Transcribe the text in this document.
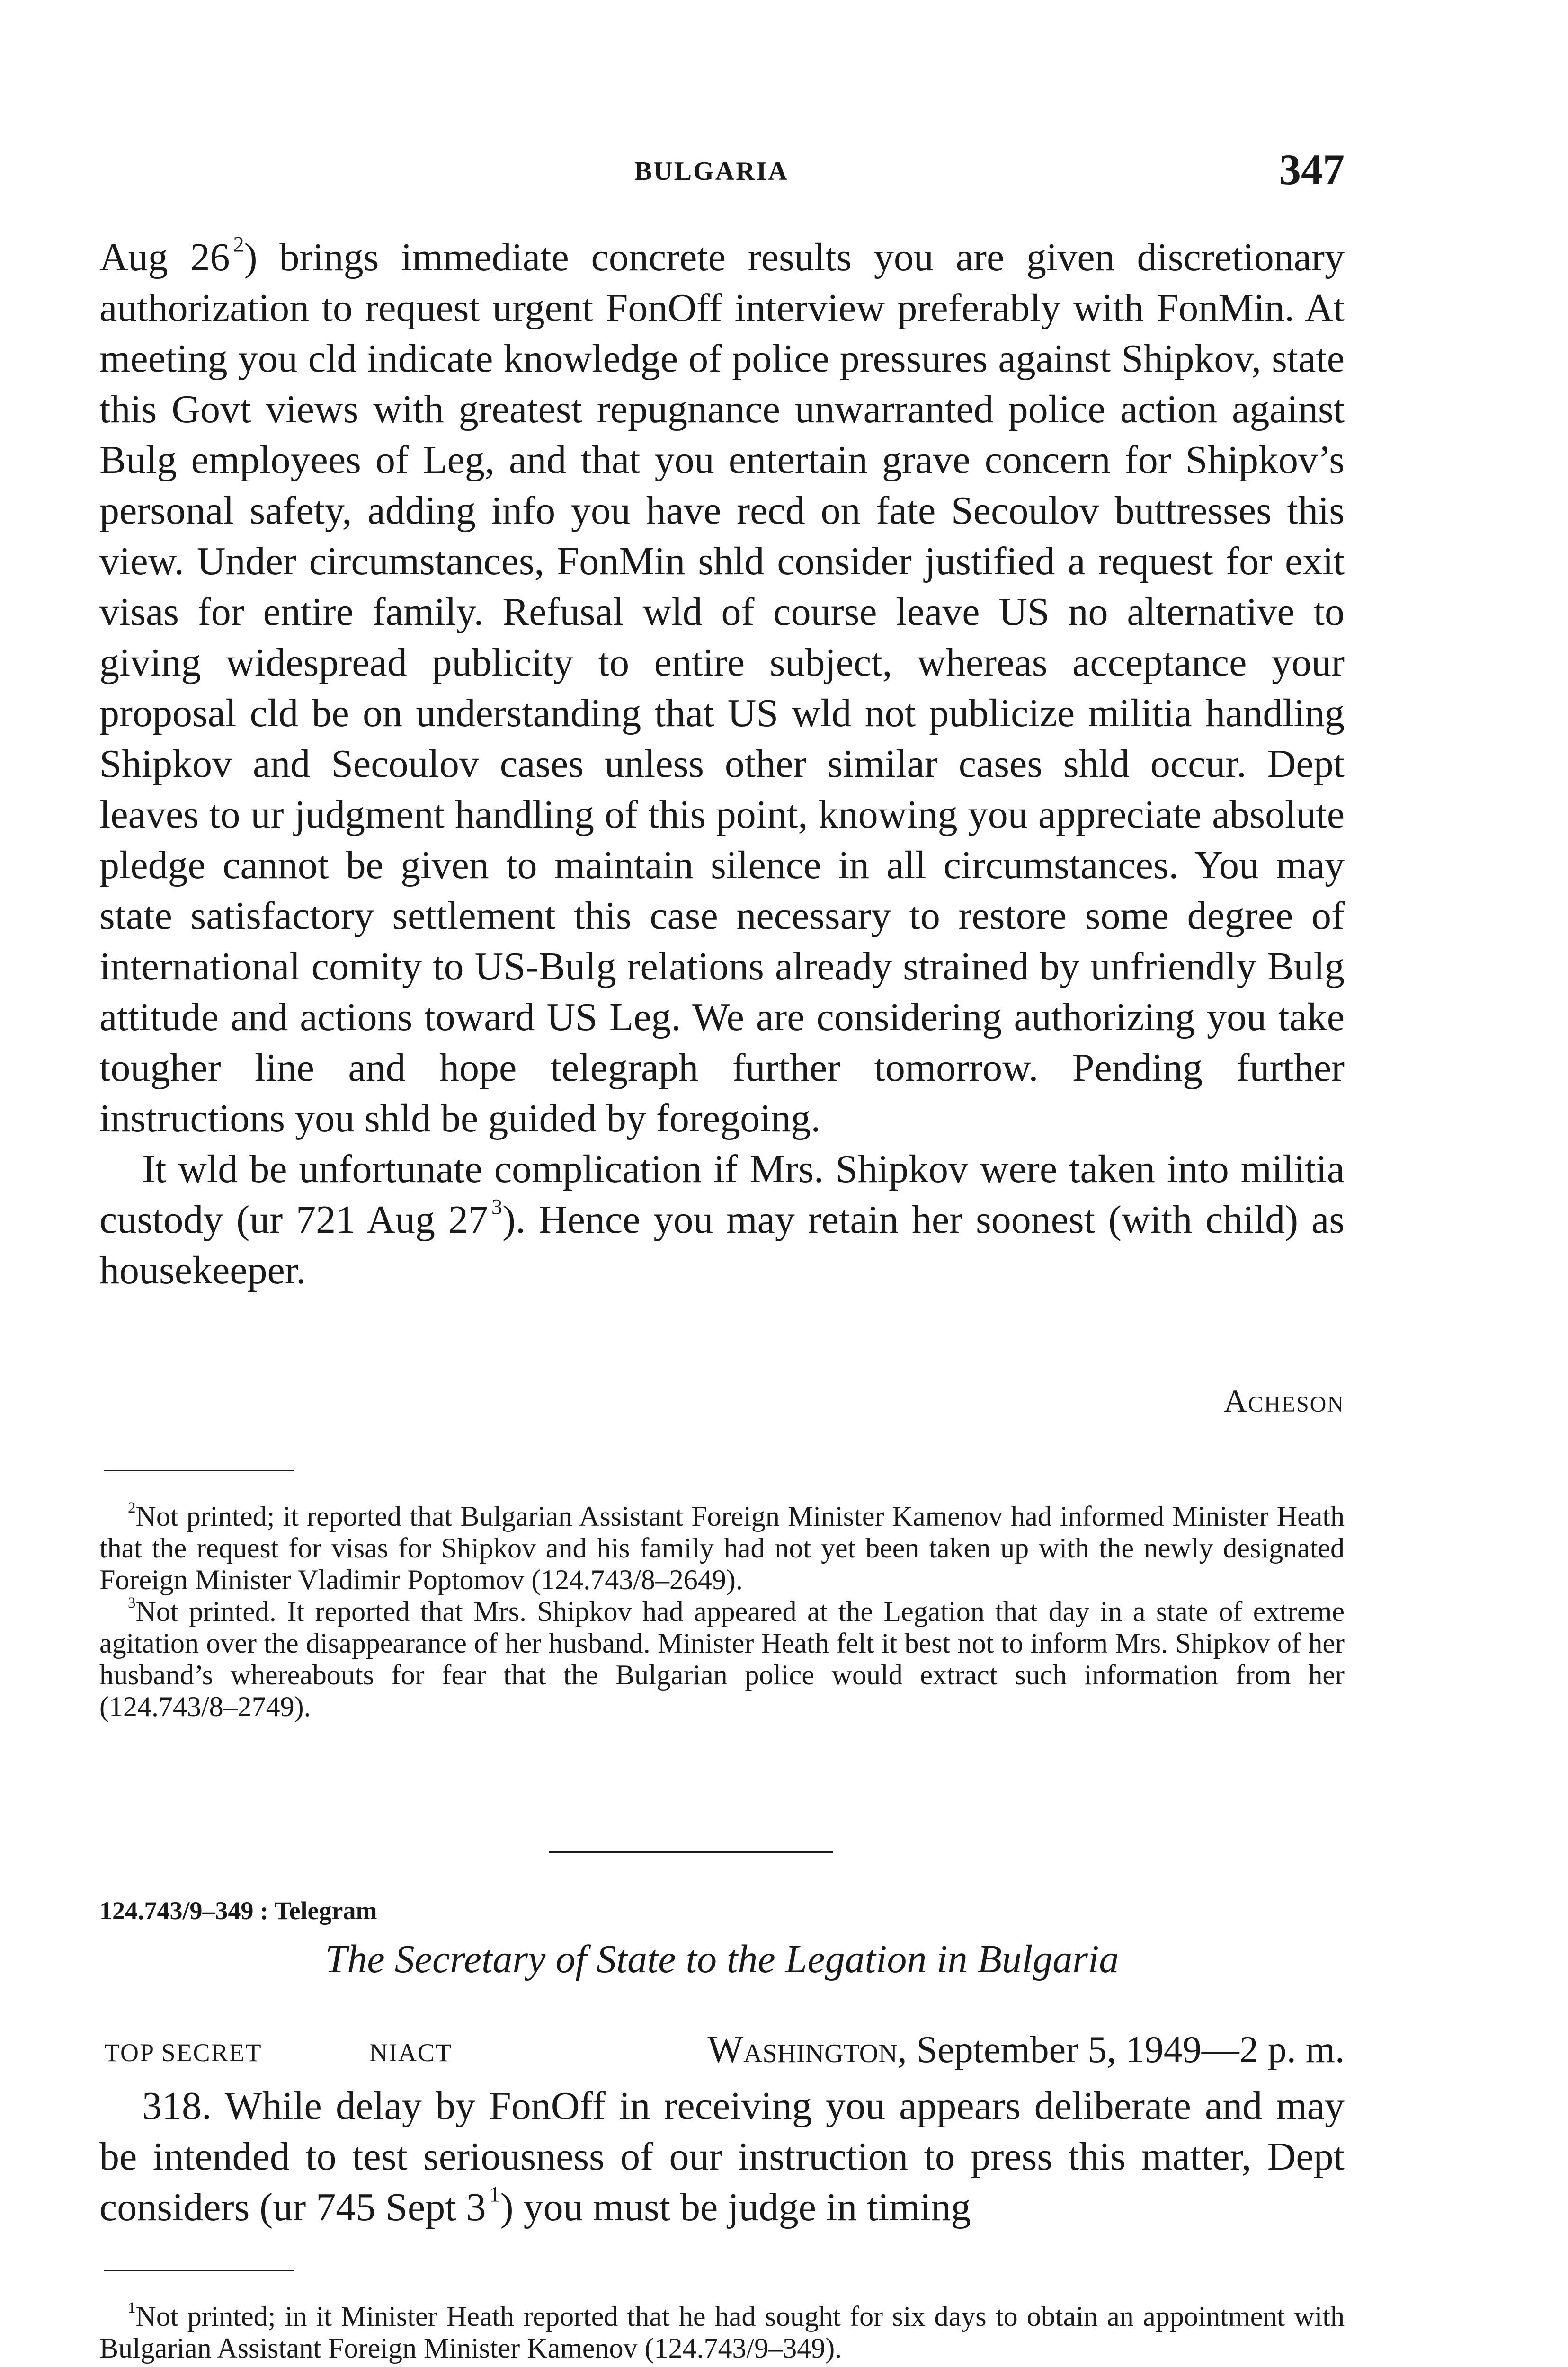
BULGARIA	347

Aug 26  $^2$) brings immediate concrete results you are given discretionary authorization to request urgent FonOff interview preferably with FonMin. At meeting you cld indicate knowledge of police pressures against Shipkov, state this Govt views with greatest repugnance unwarranted police action against Bulg employees of Leg, and that you entertain grave concern for Shipkov’s personal safety, adding info you have recd on fate Secoulov buttresses this view. Under circumstances, FonMin shld consider justified a request for exit visas for entire family. Refusal wld of course leave US no alternative to giving widespread publicity to entire subject, whereas acceptance your proposal cld be on understanding that US wld not publicize militia handling Shipkov and Secoulov cases unless other similar cases shld occur. Dept leaves to ur judgment handling of this point, knowing you appreciate absolute pledge cannot be given to maintain silence in all circumstances. You may state satisfactory settlement this case necessary to restore some degree of international comity to US-Bulg relations already strained by unfriendly Bulg attitude and actions toward US Leg. We are considering authorizing you take tougher line and hope telegraph further tomorrow. Pending further instructions you shld be guided by foregoing.

It wld be unfortunate complication if Mrs. Shipkov were taken into militia custody (ur 721 Aug 27  $^3$). Hence you may retain her soonest (with child) as housekeeper.

Acheson

$^2$Not printed; it reported that Bulgarian Assistant Foreign Minister Kamenov had informed Minister Heath that the request for visas for Shipkov and his family had not yet been taken up with the newly designated Foreign Minister Vladimir Poptomov (124.743/8–2649).

$^3$Not printed. It reported that Mrs. Shipkov had appeared at the Legation that day in a state of extreme agitation over the disappearance of her husband. Minister Heath felt it best not to inform Mrs. Shipkov of her husband’s whereabouts for fear that the Bulgarian police would extract such information from her (124.743/8–2749).

124.743/9–349 : Telegram
The Secretary of State to the Legation in Bulgaria
TOP SECRET	NIACT	Washington, September 5, 1949—2 p. m.

318. While delay by FonOff in receiving you appears deliberate and may be intended to test seriousness of our instruction to press this matter, Dept considers (ur 745 Sept 3  $^1$) you must be judge in timing

$^1$Not printed; in it Minister Heath reported that he had sought for six days to obtain an appointment with Bulgarian Assistant Foreign Minister Kamenov (124.743/9–349).
